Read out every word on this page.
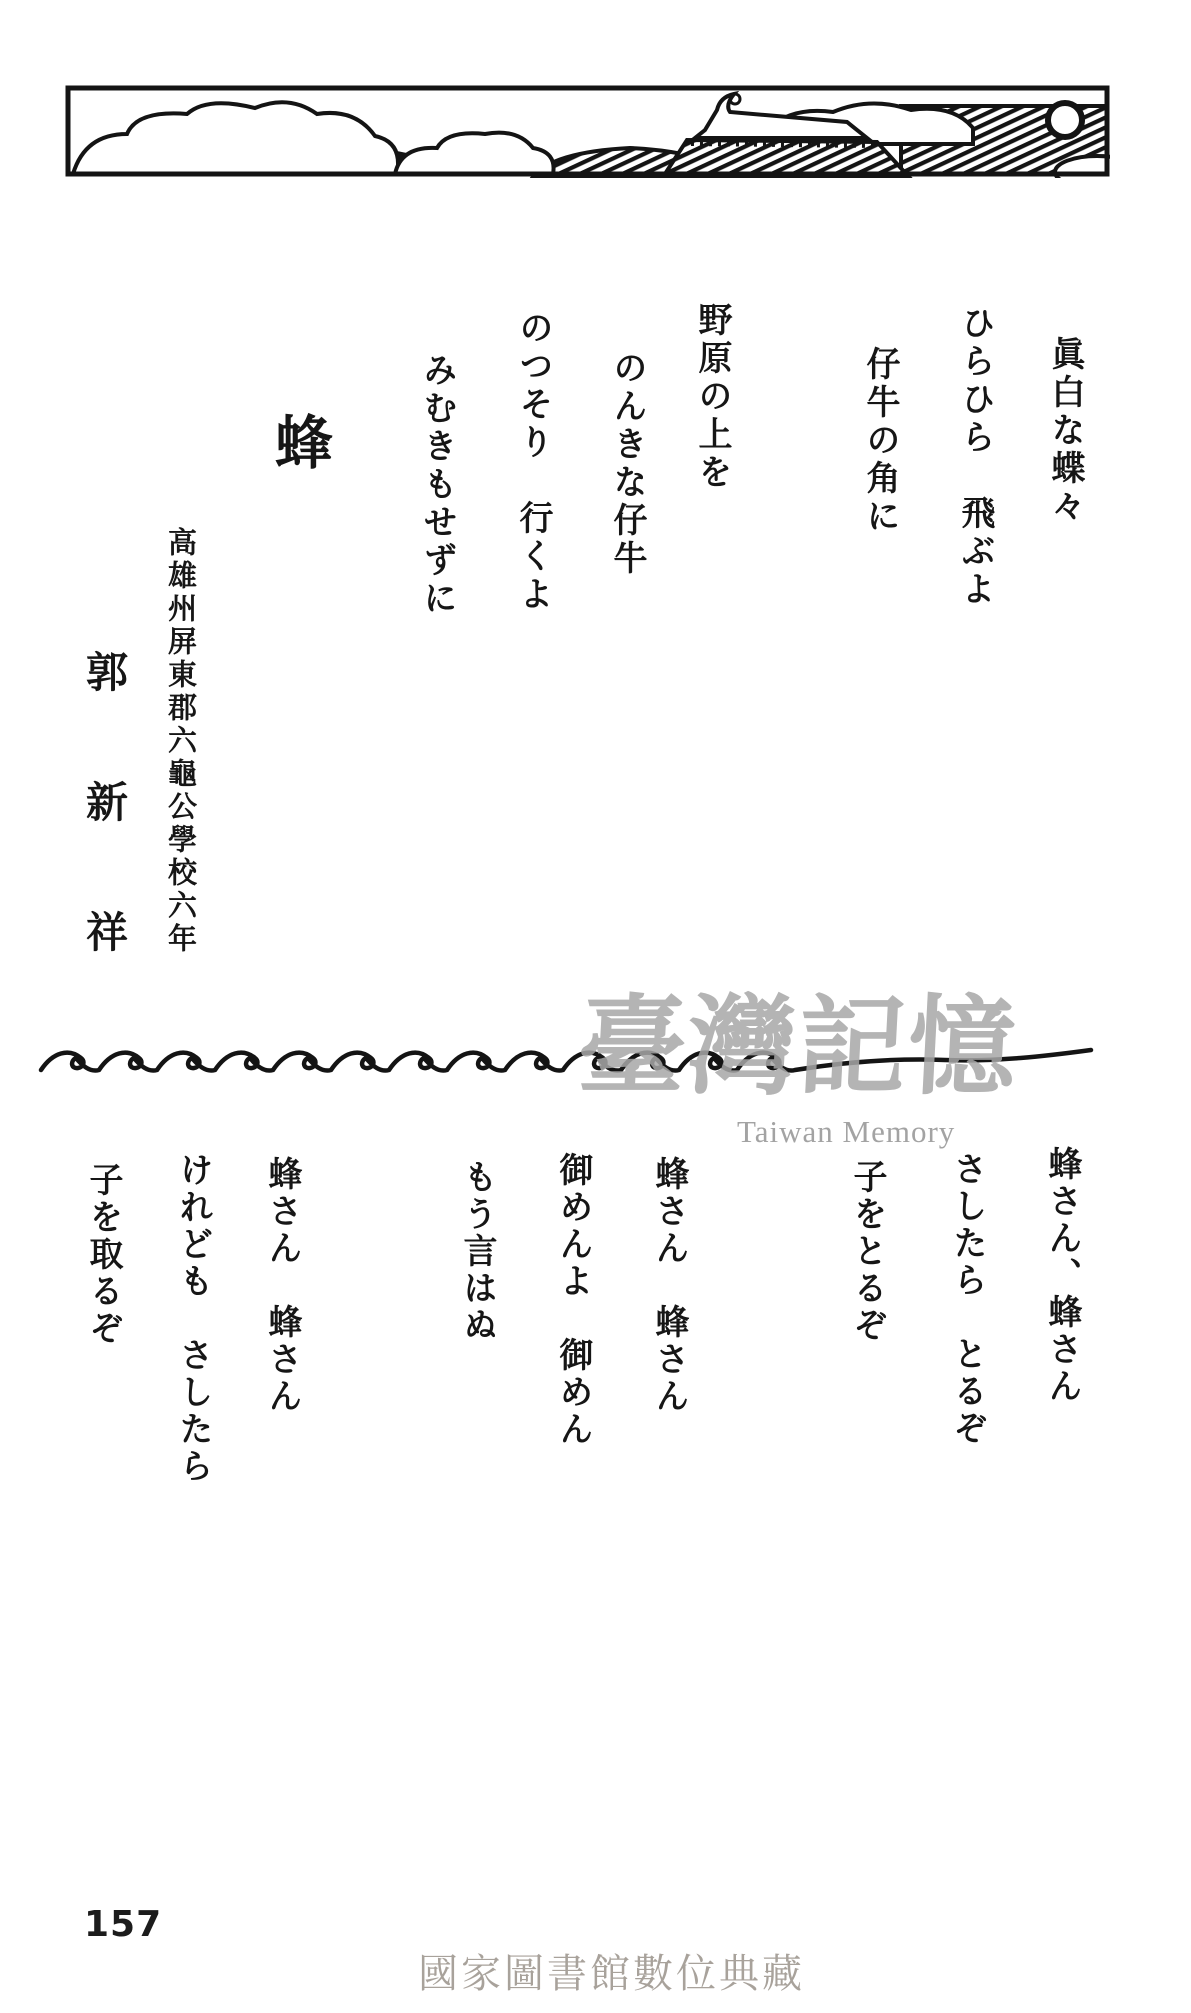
眞白な蝶々
ひらひら　飛ぶよ
仔牛の角に
野原の上を
のんきな仔牛
のつそり　行くよ
みむきもせずに
蜂
高雄州屏東郡六龜公學校六年
郭
新
祥
臺灣記憶
Taiwan Memory
蜂さん、蜂さん
さしたら　とるぞ
子をとるぞ
蜂さん　蜂さん
御めんよ　御めん
もう言はぬ
蜂さん　蜂さん
けれども　さしたら
子を取るぞ
157
國家圖書館數位典藏
